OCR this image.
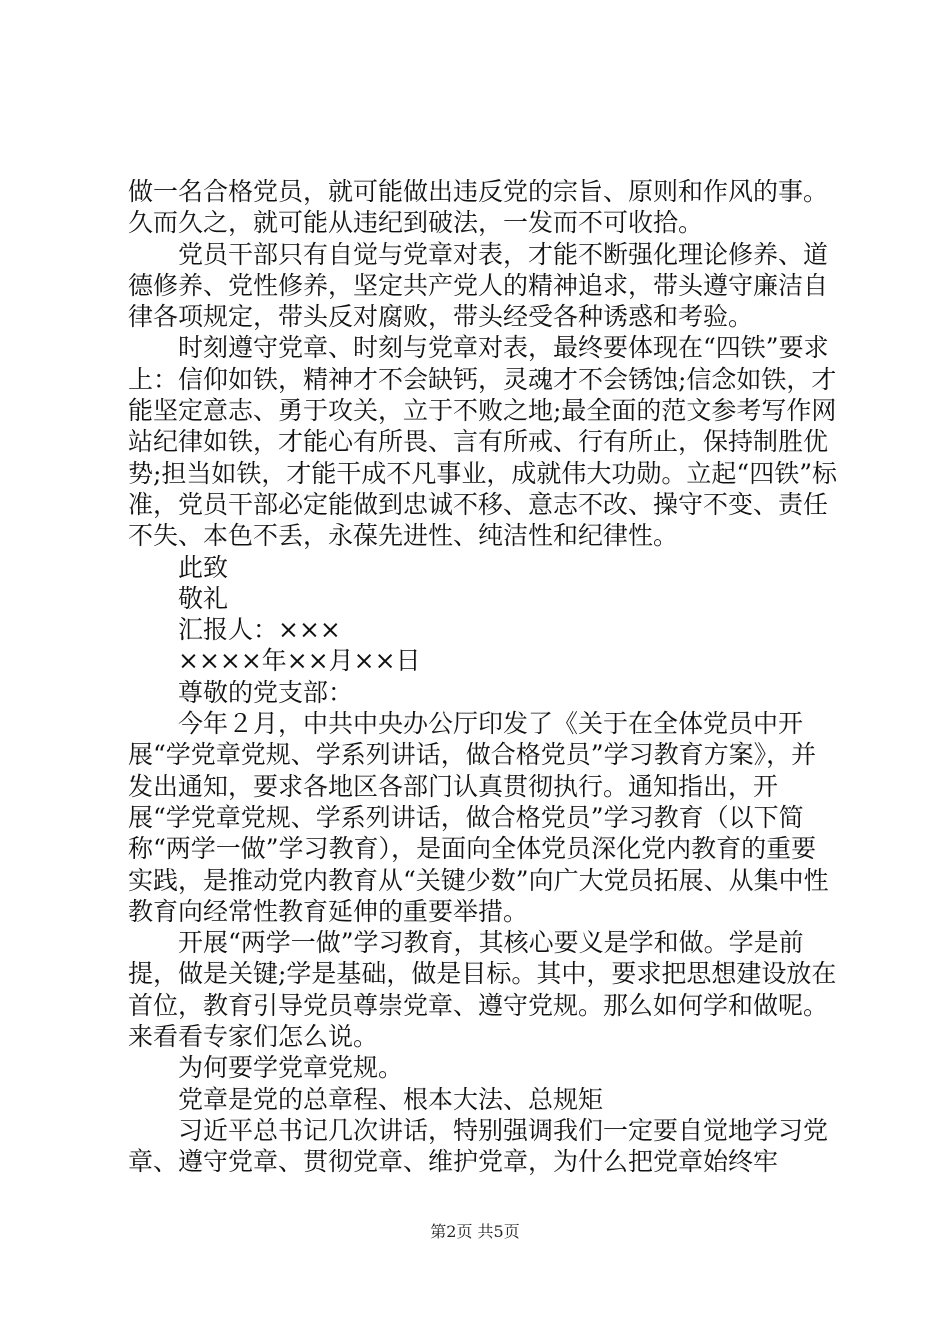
做一名合格党员，就可能做出违反党的宗旨、原则和作风的事。久而久之，就可能从违纪到破法，一发而不可收拾。

党员干部只有自觉与党章对表，才能不断强化理论修养、道德修养、党性修养，坚定共产党人的精神追求，带头遵守廉洁自律各项规定，带头反对腐败，带头经受各种诱惑和考验。

时刻遵守党章、时刻与党章对表，最终要体现在“四铁”要求上：信仰如铁，精神才不会缺钙，灵魂才不会锈蚀;信念如铁，才能坚定意志、勇于攻关，立于不败之地;最全面的范文参考写作网站纪律如铁，才能心有所畏、言有所戒、行有所止，保持制胜优势;担当如铁，才能干成不凡事业，成就伟大功勋。立起“四铁”标准，党员干部必定能做到忠诚不移、意志不改、操守不变、责任不失、本色不丢，永葆先进性、纯洁性和纪律性。

此致

敬礼

汇报人：×××

××××年××月××日

尊敬的党支部：

今年２月，中共中央办公厅印发了《关于在全体党员中开展“学党章党规、学系列讲话，做合格党员”学习教育方案》，并发出通知，要求各地区各部门认真贯彻执行。通知指出，开展“学党章党规、学系列讲话，做合格党员”学习教育（以下简称“两学一做”学习教育），是面向全体党员深化党内教育的重要实践，是推动党内教育从“关键少数”向广大党员拓展、从集中性教育向经常性教育延伸的重要举措。

开展“两学一做”学习教育，其核心要义是学和做。学是前提，做是关键;学是基础，做是目标。其中，要求把思想建设放在首位，教育引导党员尊崇党章、遵守党规。那么如何学和做呢。来看看专家们怎么说。

为何要学党章党规。

党章是党的总章程、根本大法、总规矩

习近平总书记几次讲话，特别强调我们一定要自觉地学习党章、遵守党章、贯彻党章、维护党章，为什么把党章始终牢

第2页 共5页
